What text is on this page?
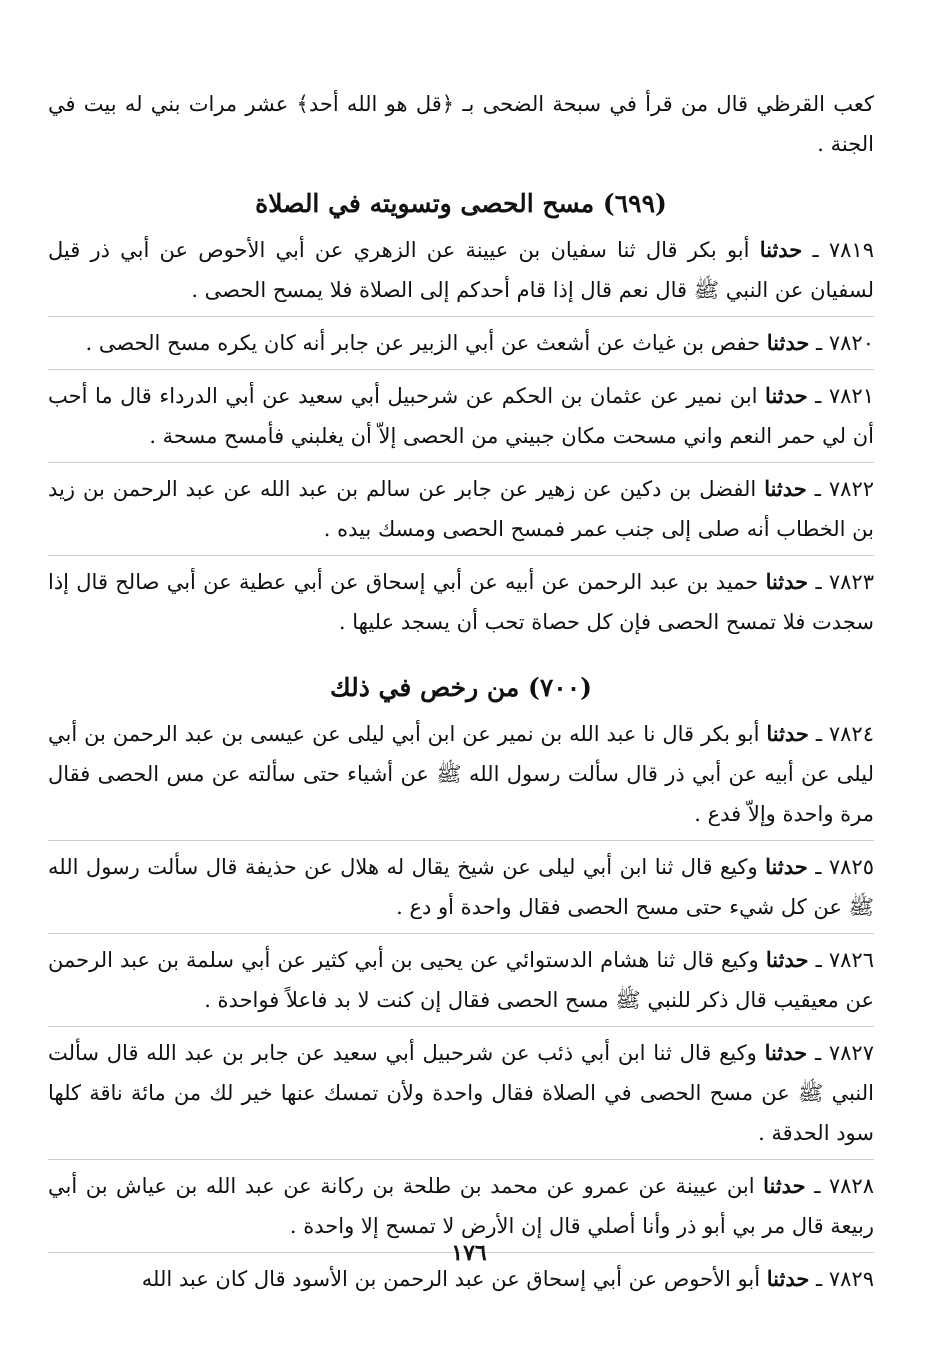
كعب القرظي قال من قرأ في سبحة الضحى بـ ﴿قل هو الله أحد﴾ عشر مرات بني له بيت في الجنة .

(٦٩٩) مسح الحصى وتسويته في الصلاة

٧٨١٩ ـ حدثنا أبو بكر قال ثنا سفيان بن عيينة عن الزهري عن أبي الأحوص عن أبي ذر قيل لسفيان عن النبي ﷺ قال نعم قال إذا قام أحدكم إلى الصلاة فلا يمسح الحصى .

٧٨٢٠ ـ حدثنا حفص بن غياث عن أشعث عن أبي الزبير عن جابر أنه كان يكره مسح الحصى .

٧٨٢١ ـ حدثنا ابن نمير عن عثمان بن الحكم عن شرحبيل أبي سعيد عن أبي الدرداء قال ما أحب أن لي حمر النعم واني مسحت مكان جبيني من الحصى إلاّ أن يغلبني فأمسح مسحة .

٧٨٢٢ ـ حدثنا الفضل بن دكين عن زهير عن جابر عن سالم بن عبد الله عن عبد الرحمن بن زيد بن الخطاب أنه صلى إلى جنب عمر فمسح الحصى ومسك بيده .

٧٨٢٣ ـ حدثنا حميد بن عبد الرحمن عن أبيه عن أبي إسحاق عن أبي عطية عن أبي صالح قال إذا سجدت فلا تمسح الحصى فإن كل حصاة تحب أن يسجد عليها .

(٧٠٠) من رخص في ذلك

٧٨٢٤ ـ حدثنا أبو بكر قال نا عبد الله بن نمير عن ابن أبي ليلى عن عيسى بن عبد الرحمن بن أبي ليلى عن أبيه عن أبي ذر قال سألت رسول الله ﷺ عن أشياء حتى سألته عن مس الحصى فقال مرة واحدة وإلاّ فدع .

٧٨٢٥ ـ حدثنا وكيع قال ثنا ابن أبي ليلى عن شيخ يقال له هلال عن حذيفة قال سألت رسول الله ﷺ عن كل شيء حتى مسح الحصى فقال واحدة أو دع .

٧٨٢٦ ـ حدثنا وكيع قال ثنا هشام الدستوائي عن يحيى بن أبي كثير عن أبي سلمة بن عبد الرحمن عن معيقيب قال ذكر للنبي ﷺ مسح الحصى فقال إن كنت لا بد فاعلاً فواحدة .

٧٨٢٧ ـ حدثنا وكيع قال ثنا ابن أبي ذئب عن شرحبيل أبي سعيد عن جابر بن عبد الله قال سألت النبي ﷺ عن مسح الحصى في الصلاة فقال واحدة ولأن تمسك عنها خير لك من مائة ناقة كلها سود الحدقة .

٧٨٢٨ ـ حدثنا ابن عيينة عن عمرو عن محمد بن طلحة بن ركانة عن عبد الله بن عياش بن أبي ربيعة قال مر بي أبو ذر وأنا أصلي قال إن الأرض لا تمسح إلا واحدة .

٧٨٢٩ ـ حدثنا أبو الأحوص عن أبي إسحاق عن عبد الرحمن بن الأسود قال كان عبد الله

١٧٦
